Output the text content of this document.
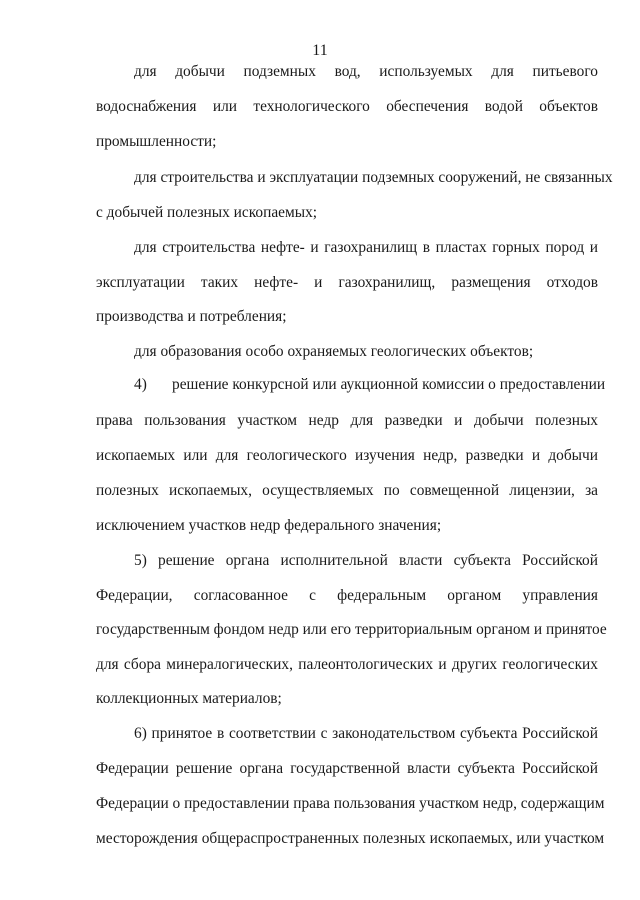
11
для добычи подземных вод, используемых для питьевого
водоснабжения или технологического обеспечения водой объектов
промышленности;
для строительства и эксплуатации подземных сооружений, не связанных
с добычей полезных ископаемых;
для строительства нефте- и газохранилищ в пластах горных пород и
эксплуатации таких нефте- и газохранилищ, размещения отходов
производства и потребления;
для образования особо охраняемых геологических объектов;
4) решение конкурсной или аукционной комиссии о предоставлении
права пользования участком недр для разведки и добычи полезных
ископаемых или для геологического изучения недр, разведки и добычи
полезных ископаемых, осуществляемых по совмещенной лицензии, за
исключением участков недр федерального значения;
5) решение органа исполнительной власти субъекта Российской
Федерации, согласованное с федеральным органом управления
государственным фондом недр или его территориальным органом и принятое
для сбора минералогических, палеонтологических и других геологических
коллекционных материалов;
6) принятое в соответствии с законодательством субъекта Российской
Федерации решение органа государственной власти субъекта Российской
Федерации о предоставлении права пользования участком недр, содержащим
месторождения общераспространенных полезных ископаемых, или участком
